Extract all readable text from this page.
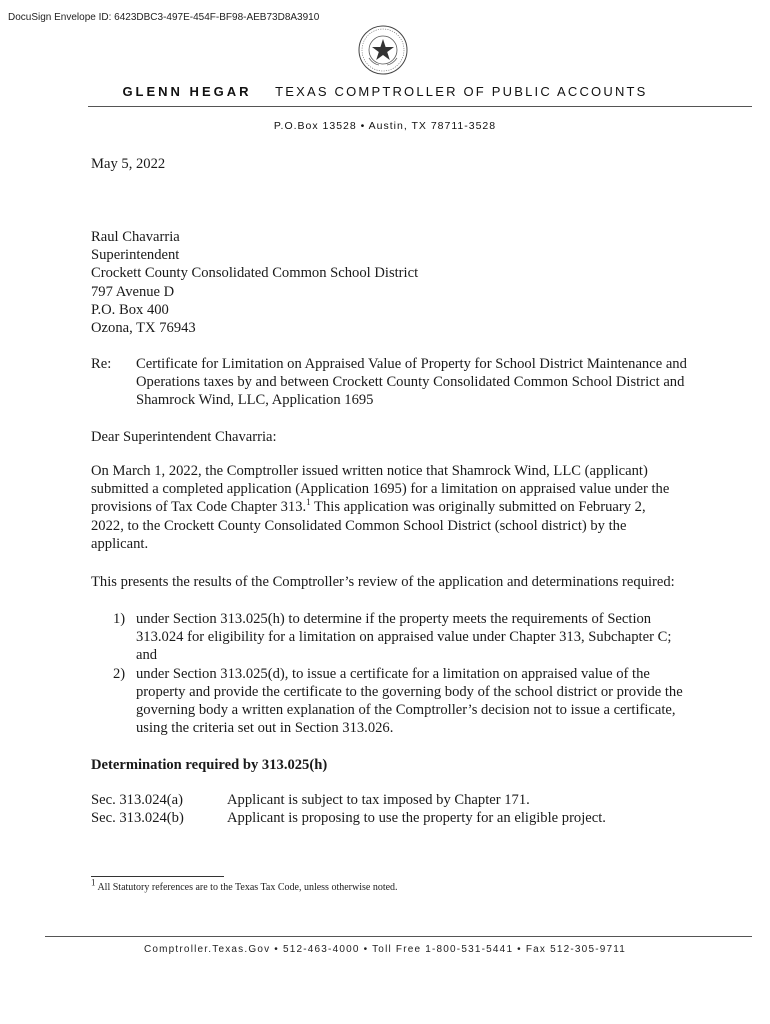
DocuSign Envelope ID: 6423DBC3-497E-454F-BF98-AEB73D8A3910
GLENN HEGAR TEXAS COMPTROLLER OF PUBLIC ACCOUNTS
P.O.Box 13528 • Austin, TX 78711-3528
May 5, 2022
Raul Chavarria
Superintendent
Crockett County Consolidated Common School District
797 Avenue D
P.O. Box 400
Ozona, TX 76943
Re: Certificate for Limitation on Appraised Value of Property for School District Maintenance and Operations taxes by and between Crockett County Consolidated Common School District and Shamrock Wind, LLC, Application 1695
Dear Superintendent Chavarria:
On March 1, 2022, the Comptroller issued written notice that Shamrock Wind, LLC (applicant) submitted a completed application (Application 1695) for a limitation on appraised value under the provisions of Tax Code Chapter 313.$^1$ This application was originally submitted on February 2, 2022, to the Crockett County Consolidated Common School District (school district) by the applicant.
This presents the results of the Comptroller’s review of the application and determinations required:
1) under Section 313.025(h) to determine if the property meets the requirements of Section 313.024 for eligibility for a limitation on appraised value under Chapter 313, Subchapter C; and
2) under Section 313.025(d), to issue a certificate for a limitation on appraised value of the property and provide the certificate to the governing body of the school district or provide the governing body a written explanation of the Comptroller’s decision not to issue a certificate, using the criteria set out in Section 313.026.
Determination required by 313.025(h)
Sec. 313.024(a)	Applicant is subject to tax imposed by Chapter 171.
Sec. 313.024(b)	Applicant is proposing to use the property for an eligible project.
$^1$ All Statutory references are to the Texas Tax Code, unless otherwise noted.
Comptroller.Texas.Gov • 512-463-4000 • Toll Free 1-800-531-5441 • Fax 512-305-9711
